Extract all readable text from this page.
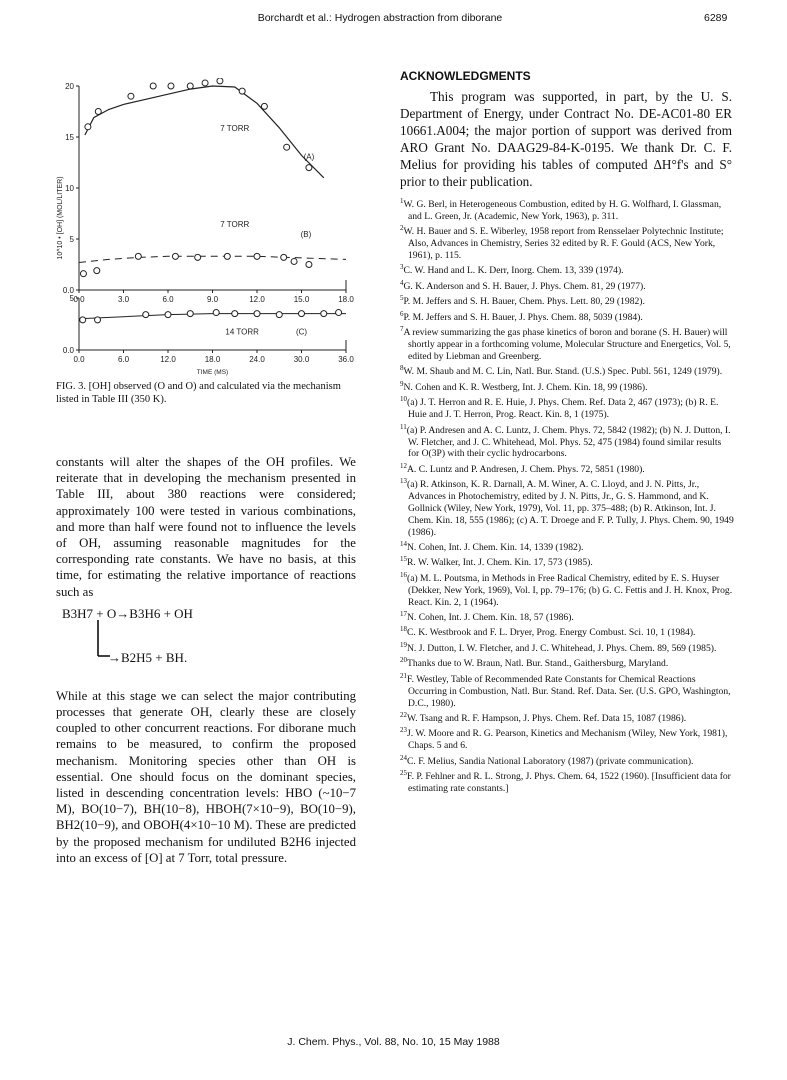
Borchardt et al.: Hydrogen abstraction from diborane	6289
0.0	3.0	6.0	9.0	12.0	15.0	18.0
20
15
10
5
0.0
0.0	6.0	12.0	18.0	24.0	30.0	36.0
5
0.0
7 TORR
(A)
7 TORR
(B)
14 TORR	(C)
10^10 • [OH] (MOL/LITER)
TIME (MS)
FIG. 3. [OH] observed (O and O) and calculated via the mechanism listed in Table III (350 K).

constants will alter the shapes of the OH profiles. We reiterate that in developing the mechanism presented in Table III, about 380 reactions were considered; approximately 100 were tested in various combinations, and more than half were found not to influence the levels of OH, assuming reasonable magnitudes for the corresponding rate constants. We have no basis, at this time, for estimating the relative importance of reactions such as

B3H7 + O→B3H6 + OH
→B2H5 + BH.

While at this stage we can select the major contributing processes that generate OH, clearly these are closely coupled to other concurrent reactions. For diborane much remains to be measured, to confirm the proposed mechanism. Monitoring species other than OH is essential. One should focus on the dominant species, listed in descending concentration levels: HBO (~10−7 M), BO(10−7), BH(10−8), HBOH(7×10−9), BO(10−9), BH2(10−9), and OBOH(4×10−10 M). These are predicted by the proposed mechanism for undiluted B2H6 injected into an excess of [O] at 7 Torr, total pressure.

ACKNOWLEDGMENTS

This program was supported, in part, by the U. S. Department of Energy, under Contract No. DE-AC01-80 ER 10661.A004; the major portion of support was derived from ARO Grant No. DAAG29-84-K-0195. We thank Dr. C. F. Melius for providing his tables of computed ΔH°f's and S° prior to their publication.

$^1$W. G. Berl, in Heterogeneous Combustion, edited by H. G. Wolfhard, I. Glassman, and L. Green, Jr. (Academic, New York, 1963), p. 311.
$^2$W. H. Bauer and S. E. Wiberley, 1958 report from Rensselaer Polytechnic Institute; Also, Advances in Chemistry, Series 32 edited by R. F. Gould (ACS, New York, 1961), p. 115.
$^3$C. W. Hand and L. K. Derr, Inorg. Chem. 13, 339 (1974).
$^4$G. K. Anderson and S. H. Bauer, J. Phys. Chem. 81, 29 (1977).
$^5$P. M. Jeffers and S. H. Bauer, Chem. Phys. Lett. 80, 29 (1982).
$^6$P. M. Jeffers and S. H. Bauer, J. Phys. Chem. 88, 5039 (1984).
$^7$A review summarizing the gas phase kinetics of boron and borane (S. H. Bauer) will shortly appear in a forthcoming volume, Molecular Structure and Energetics, Vol. 5, edited by Liebman and Greenberg.
$^8$W. M. Shaub and M. C. Lin, Natl. Bur. Stand. (U.S.) Spec. Publ. 561, 1249 (1979).
$^9$N. Cohen and K. R. Westberg, Int. J. Chem. Kin. 18, 99 (1986).
$^{10}$(a) J. T. Herron and R. E. Huie, J. Phys. Chem. Ref. Data 2, 467 (1973); (b) R. E. Huie and J. T. Herron, Prog. React. Kin. 8, 1 (1975).
$^{11}$(a) P. Andresen and A. C. Luntz, J. Chem. Phys. 72, 5842 (1982); (b) N. J. Dutton, I. W. Fletcher, and J. C. Whitehead, Mol. Phys. 52, 475 (1984) found similar results for O(3P) with their cyclic hydrocarbons.
$^{12}$A. C. Luntz and P. Andresen, J. Chem. Phys. 72, 5851 (1980).
$^{13}$(a) R. Atkinson, K. R. Darnall, A. M. Winer, A. C. Lloyd, and J. N. Pitts, Jr., Advances in Photochemistry, edited by J. N. Pitts, Jr., G. S. Hammond, and K. Gollnick (Wiley, New York, 1979), Vol. 11, pp. 375–488; (b) R. Atkinson, Int. J. Chem. Kin. 18, 555 (1986); (c) A. T. Droege and F. P. Tully, J. Phys. Chem. 90, 1949 (1986).
$^{14}$N. Cohen, Int. J. Chem. Kin. 14, 1339 (1982).
$^{15}$R. W. Walker, Int. J. Chem. Kin. 17, 573 (1985).
$^{16}$(a) M. L. Poutsma, in Methods in Free Radical Chemistry, edited by E. S. Huyser (Dekker, New York, 1969), Vol. I, pp. 79–176; (b) G. C. Fettis and J. H. Knox, Prog. React. Kin. 2, 1 (1964).
$^{17}$N. Cohen, Int. J. Chem. Kin. 18, 57 (1986).
$^{18}$C. K. Westbrook and F. L. Dryer, Prog. Energy Combust. Sci. 10, 1 (1984).
$^{19}$N. J. Dutton, I. W. Fletcher, and J. C. Whitehead, J. Phys. Chem. 89, 569 (1985).
$^{20}$Thanks due to W. Braun, Natl. Bur. Stand., Gaithersburg, Maryland.
$^{21}$F. Westley, Table of Recommended Rate Constants for Chemical Reactions Occurring in Combustion, Natl. Bur. Stand. Ref. Data. Ser. (U.S. GPO, Washington, D.C., 1980).
$^{22}$W. Tsang and R. F. Hampson, J. Phys. Chem. Ref. Data 15, 1087 (1986).
$^{23}$J. W. Moore and R. G. Pearson, Kinetics and Mechanism (Wiley, New York, 1981), Chaps. 5 and 6.
$^{24}$C. F. Melius, Sandia National Laboratory (1987) (private communication).
$^{25}$F. P. Fehlner and R. L. Strong, J. Phys. Chem. 64, 1522 (1960). [Insufficient data for estimating rate constants.]
J. Chem. Phys., Vol. 88, No. 10, 15 May 1988
